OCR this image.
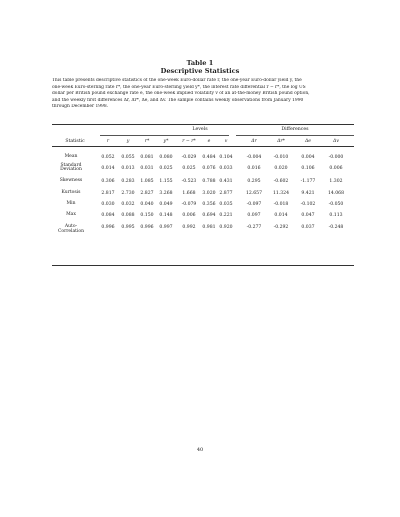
Table 1
Descriptive Statistics
This table presents descriptive statistics of the one-week Euro-dollar rate r, the one-year Euro-dollar yield y, the
one-week Euro-sterling rate r*, the one-year Euro-sterling yield y*, the interest rate differential r − r*, the log US
dollar per British pound exchange rate e, the one-week implied volatility v of an at-the-money British pound option,
and the weekly first differences Δr, Δr*, Δe, and Δv. The sample contains weekly observations from January 1990
through December 1998.
Levels	Differences
Statistic	r	y	r*	y*	r − r*	e	v	Δr	Δr*	Δe	Δv
Mean	0.052	0.055	0.081	0.080	-0.029	0.484 0.104	-0.004	-0.010	0.004	-0.000
Standard Deviation	0.014	0.013	0.031	0.025	0.025	0.076 0.033	0.016	0.020	0.106	0.006
Skewness	0.306	0.283	1.085	1.155	-0.523	0.788 0.431	0.295	-0.602	-1.177	1.302
Kurtosis	2.817	2.730	2.827	3.268	1.668	3.020 2.877	12.657	11.324	9.421	14.068
Min	0.030	0.032	0.040	0.049	-0.079	0.356 0.035	-0.097	-0.018	-0.102	-0.050
Max	0.084	0.088	0.150	0.148	0.006	0.694 0.221	0.097	0.014	0.047	0.113
Auto-Correlation
0.996	0.995	0.996	0.997	0.992	0.981 0.920	-0.277	-0.292	0.037	-0.248
40
